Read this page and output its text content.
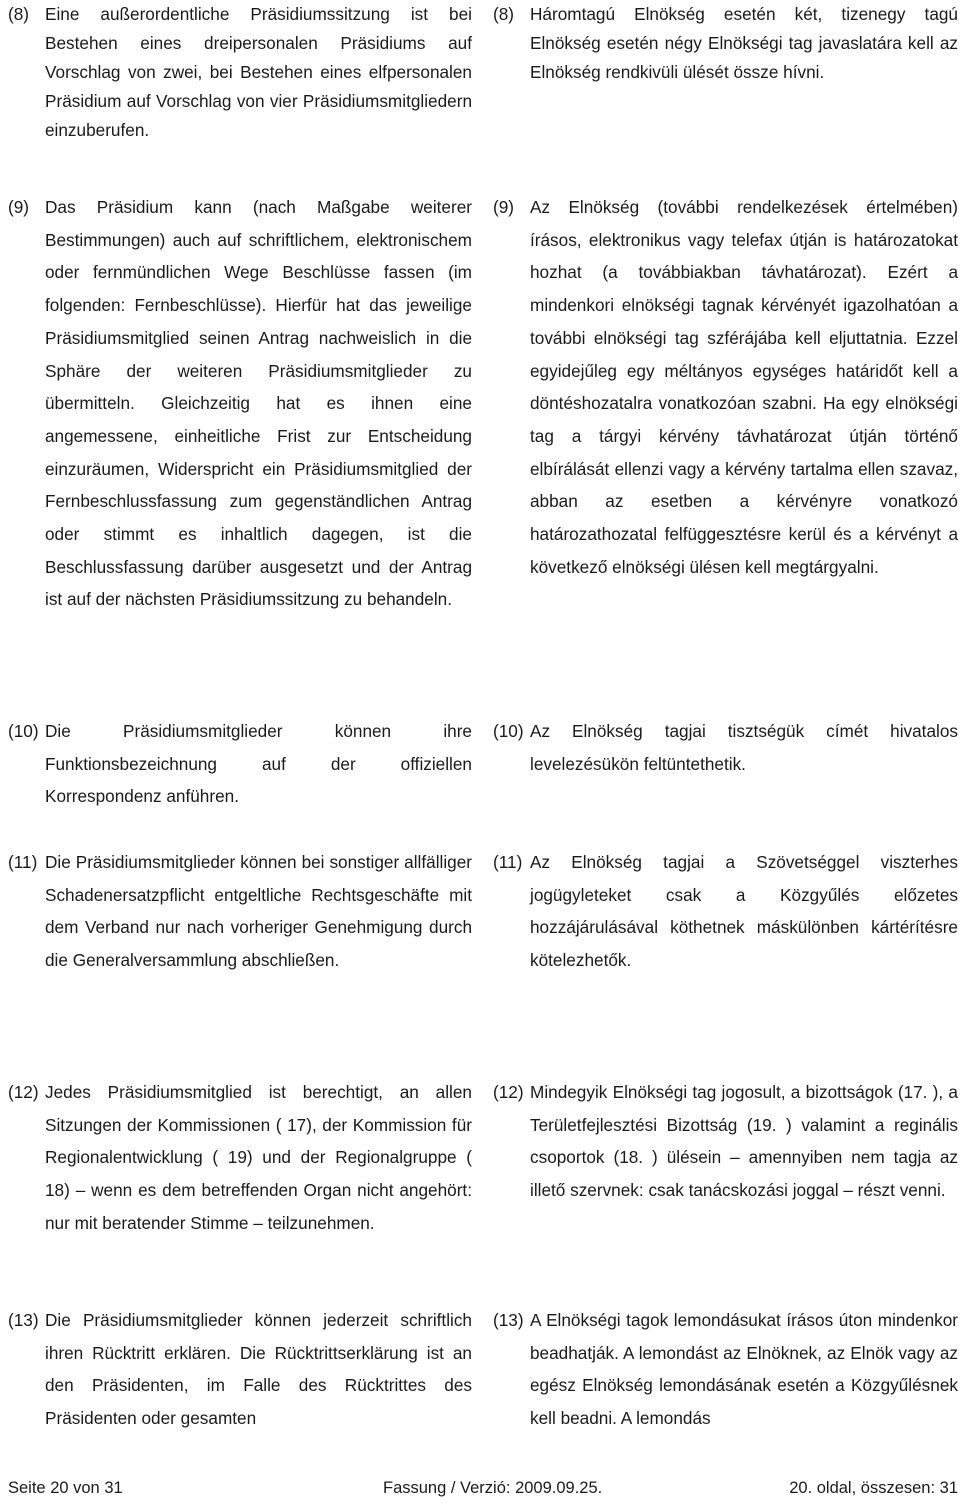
(8) Eine außerordentliche Präsidiumssitzung ist bei Bestehen eines dreipersonalen Präsidiums auf Vorschlag von zwei, bei Bestehen eines elfpersonalen Präsidium auf Vorschlag von vier Präsidiumsmitgliedern einzuberufen.
(9) Das Präsidium kann (nach Maßgabe weiterer Bestimmungen) auch auf schriftlichem, elektronischem oder fernmündlichen Wege Beschlüsse fassen (im folgenden: Fernbeschlüsse). Hierfür hat das jeweilige Präsidiumsmitglied seinen Antrag nachweislich in die Sphäre der weiteren Präsidiumsmitglieder zu übermitteln. Gleichzeitig hat es ihnen eine angemessene, einheitliche Frist zur Entscheidung einzuräumen, Widerspricht ein Präsidiumsmitglied der Fernbeschlussfassung zum gegenständlichen Antrag oder stimmt es inhaltlich dagegen, ist die Beschlussfassung darüber ausgesetzt und der Antrag ist auf der nächsten Präsidiumssitzung zu behandeln.
(10) Die Präsidiumsmitglieder können ihre Funktionsbezeichnung auf der offiziellen Korrespondenz anführen.
(11) Die Präsidiumsmitglieder können bei sonstiger allfälliger Schadenersatzpflicht entgeltliche Rechtsgeschäfte mit dem Verband nur nach vorheriger Genehmigung durch die Generalversammlung abschließen.
(12) Jedes Präsidiumsmitglied ist berechtigt, an allen Sitzungen der Kommissionen ( 17), der Kommission für Regionalentwicklung ( 19) und der Regionalgruppe ( 18) – wenn es dem betreffenden Organ nicht angehört: nur mit beratender Stimme – teilzunehmen.
(13) Die Präsidiumsmitglieder können jederzeit schriftlich ihren Rücktritt erklären. Die Rücktrittserklärung ist an den Präsidenten, im Falle des Rücktrittes des Präsidenten oder gesamten
(8) Háromtagú Elnökség esetén két, tizenegy tagú Elnökség esetén négy Elnökségi tag javaslatára kell az Elnökség rendkivüli ülését össze hívni.
(9) Az Elnökség (további rendelkezések értelmében) írásos, elektronikus vagy telefax útján is határozatokat hozhat (a továbbiakban távhatározat). Ezért a mindenkori elnökségi tagnak kérvényét igazolhatóan a további elnökségi tag szférájába kell eljuttatnia. Ezzel egyidejűleg egy méltányos egységes határidőt kell a döntéshozatalra vonatkozóan szabni. Ha egy elnökségi tag a tárgyi kérvény távhatározat útján történő elbírálását ellenzi vagy a kérvény tartalma ellen szavaz, abban az esetben a kérvényre vonatkozó határozathozatal felfüggesztésre kerül és a kérvényt a következő elnökségi ülésen kell megtárgyalni.
(10) Az Elnökség tagjai tisztségük címét hivatalos levelezésükön feltüntethetik.
(11) Az Elnökség tagjai a Szövetséggel viszterhes jogügyleteket csak a Közgyűlés előzetes hozzájárulásával köthetnek máskülönben kártérítésre kötelezhetők.
(12) Mindegyik Elnökségi tag jogosult, a bizottságok (17. ), a Területfejlesztési Bizottság (19. ) valamint a reginális csoportok (18. ) ülésein – amennyiben nem tagja az illető szervnek: csak tanácskozási joggal – részt venni.
(13) A Elnökségi tagok lemondásukat írásos úton mindenkor beadhatják. A lemondást az Elnöknek, az Elnök vagy az egész Elnökség lemondásának esetén a Közgyűlésnek kell beadni. A lemondás
Seite 20 von 31	Fassung / Verzió: 2009.09.25.	20. oldal, összesen: 31
